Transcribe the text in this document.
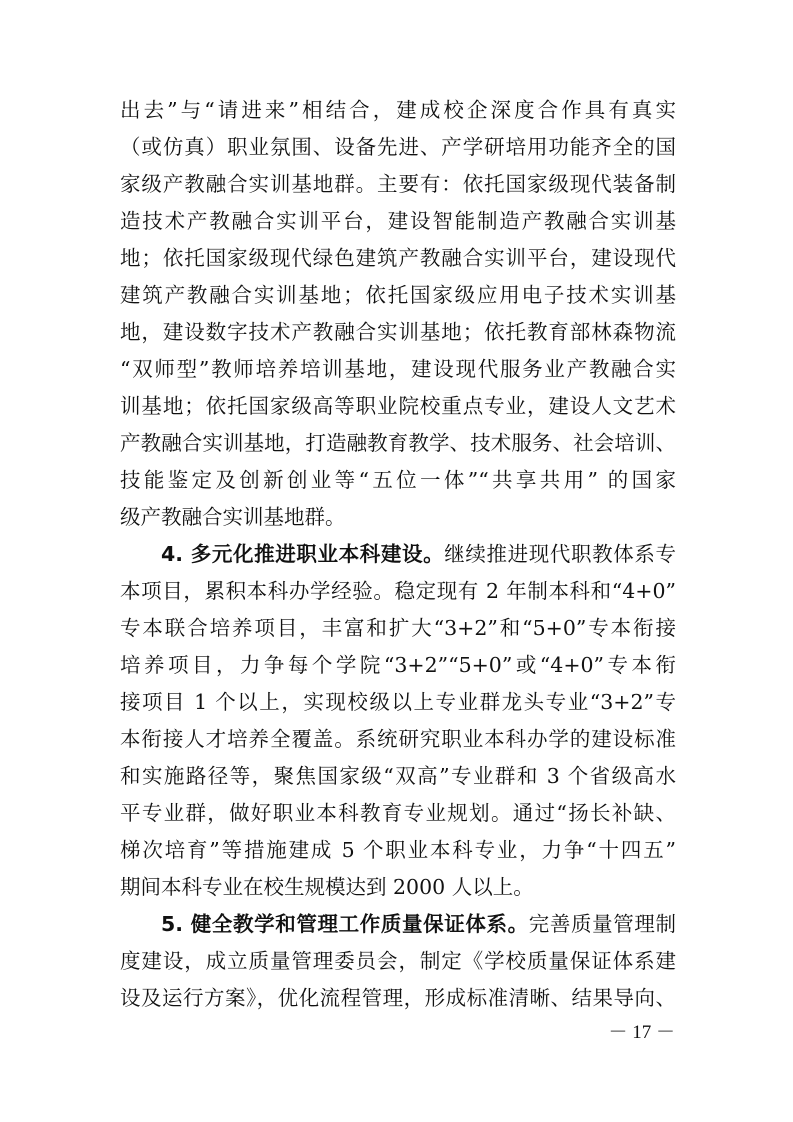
出去”与“请进来”相结合，建成校企深度合作具有真实
（或仿真）职业氛围、设备先进、产学研培用功能齐全的国
家级产教融合实训基地群。主要有：依托国家级现代装备制
造技术产教融合实训平台，建设智能制造产教融合实训基
地；依托国家级现代绿色建筑产教融合实训平台，建设现代
建筑产教融合实训基地；依托国家级应用电子技术实训基
地，建设数字技术产教融合实训基地；依托教育部林森物流
“双师型”教师培养培训基地，建设现代服务业产教融合实
训基地；依托国家级高等职业院校重点专业，建设人文艺术
产教融合实训基地，打造融教育教学、技术服务、社会培训、
技能鉴定及创新创业等“五位一体”“共享共用” 的国家
级产教融合实训基地群。
4. 多元化推进职业本科建设。继续推进现代职教体系专
本项目，累积本科办学经验。稳定现有 2 年制本科和“4+0”
专本联合培养项目，丰富和扩大“3+2”和“5+0”专本衔接
培养项目，力争每个学院“3+2”“5+0”或“4+0”专本衔
接项目 1 个以上，实现校级以上专业群龙头专业“3+2”专
本衔接人才培养全覆盖。系统研究职业本科办学的建设标准
和实施路径等，聚焦国家级“双高”专业群和 3 个省级高水
平专业群，做好职业本科教育专业规划。通过“扬长补缺、
梯次培育”等措施建成 5 个职业本科专业，力争“十四五”
期间本科专业在校生规模达到 2000 人以上。
5. 健全教学和管理工作质量保证体系。完善质量管理制
度建设，成立质量管理委员会，制定《学校质量保证体系建
设及运行方案》，优化流程管理，形成标准清晰、结果导向、
－ 17 －
